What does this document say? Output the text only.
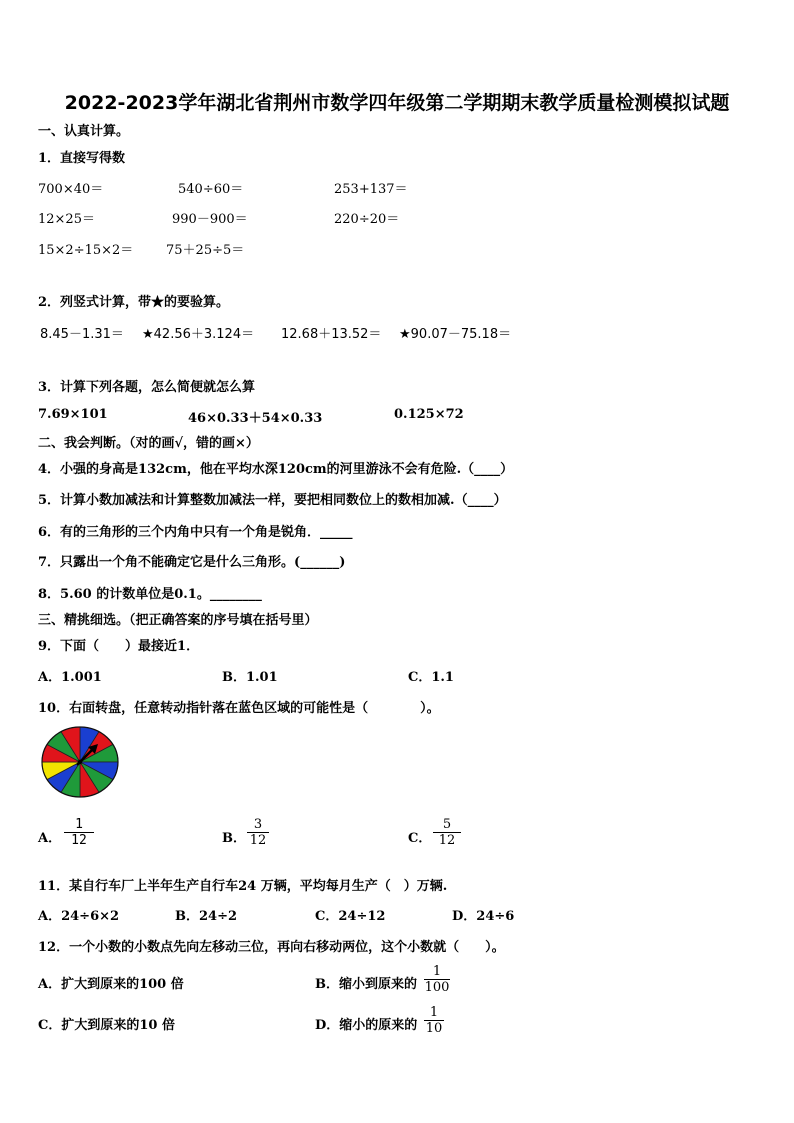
2022-2023学年湖北省荆州市数学四年级第二学期期末教学质量检测模拟试题
一、认真计算。
1．直接写得数
700×40＝	540÷60＝	253+137＝
12×25＝	990－900＝	220÷20＝
15×2÷15×2＝	75＋25÷5＝
2．列竖式计算，带★的要验算。
8.45－1.31＝ ★42.56＋3.124＝ 12.68＋13.52＝ ★90.07－75.18＝
3．计算下列各题，怎么简便就怎么算
7.69×101	46×0.33＋54×0.33	0.125×72
二、我会判断。（对的画√，错的画×）
4．小强的身高是132cm，他在平均水深120cm的河里游泳不会有危险.（____）
5．计算小数加减法和计算整数加减法一样，要把相同数位上的数相加减.（____）
6．有的三角形的三个内角中只有一个角是锐角．_____
7．只露出一个角不能确定它是什么三角形。(______)
8．5.60 的计数单位是0.1。________
三、精挑细选。（把正确答案的序号填在括号里）
9．下面（　　）最接近1．
A．1.001	B．1.01	C．1.1
10．右面转盘，任意转动指针落在蓝色区域的可能性是（　　　　）。
A． $\frac{1}{12}$	B． $\frac{3}{12}$	C． $\frac{5}{12}$
11．某自行车厂上半年生产自行车24 万辆，平均每月生产（　）万辆.
A．24÷6×2	B．24÷2	C．24÷12	D．24÷6
12．一个小数的小数点先向左移动三位，再向右移动两位，这个小数就（　　）。
A．扩大到原来的100 倍	B．缩小到原来的 $\frac{1}{100}$
C．扩大到原来的10 倍	D．缩小的原来的 $\frac{1}{10}$
